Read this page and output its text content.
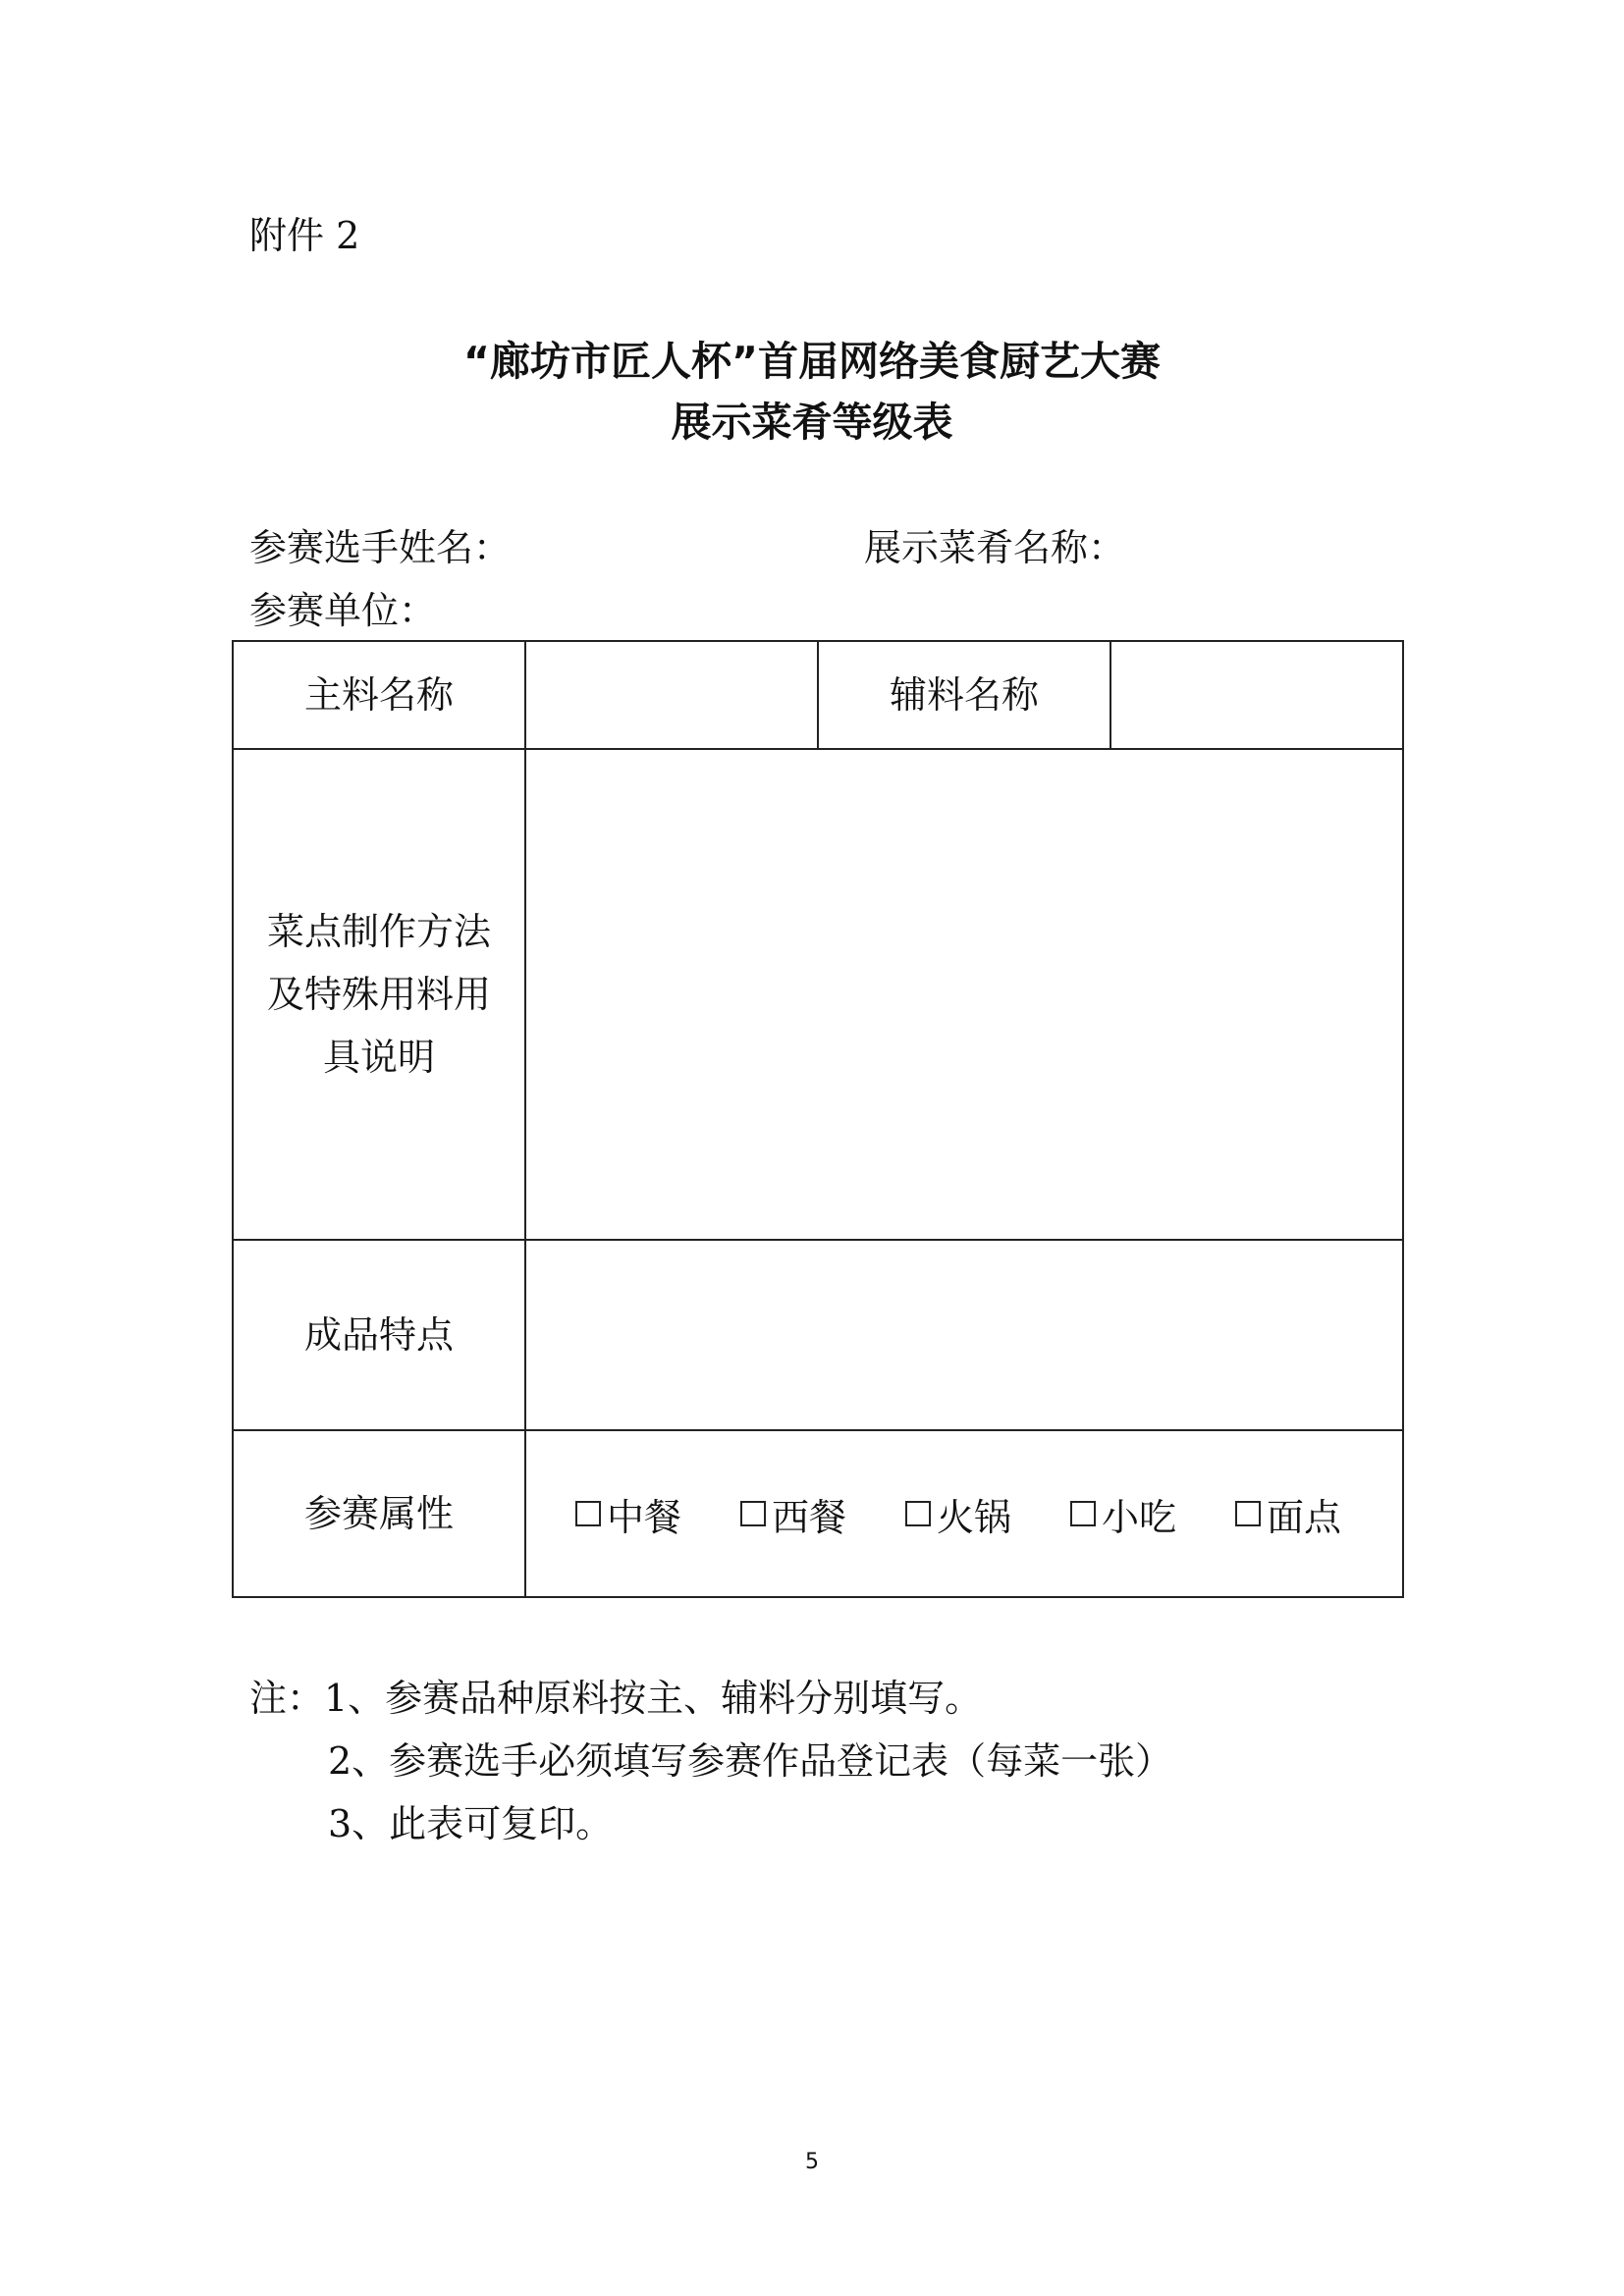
附件 2
“廊坊市匠人杯”首届网络美食厨艺大赛
展示菜肴等级表
参赛选手姓名：	展示菜肴名称：
参赛单位：
主料名称		辅料名称	

菜点制作方法
及特殊用料用
具说明			

成品特点			
参赛属性	中餐 西餐 火锅 小吃 面点		
注：1、参赛品种原料按主、辅料分别填写。
2、参赛选手必须填写参赛作品登记表（每菜一张）
3、此表可复印。
5
